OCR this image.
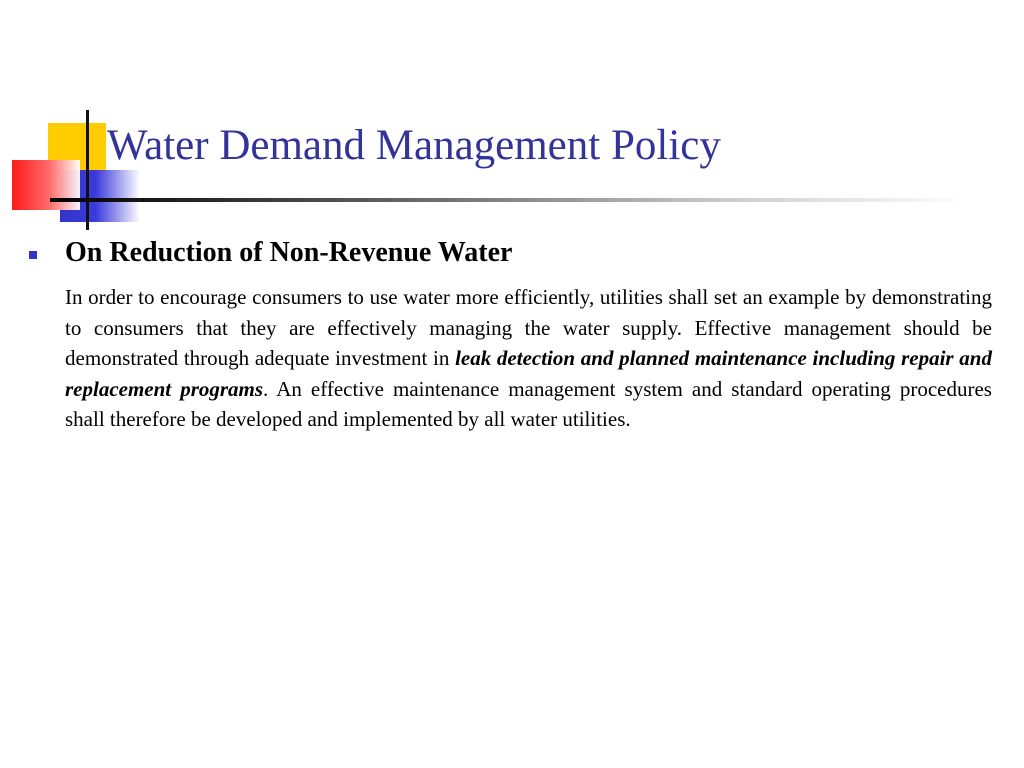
Water Demand Management Policy
On Reduction of Non-Revenue Water

In order to encourage consumers to use water more efficiently, utilities shall set an example by demonstrating to consumers that they are effectively managing the water supply. Effective management should be demonstrated through adequate investment in leak detection and planned maintenance including repair and replacement programs. An effective maintenance management system and standard operating procedures shall therefore be developed and implemented by all water utilities.
